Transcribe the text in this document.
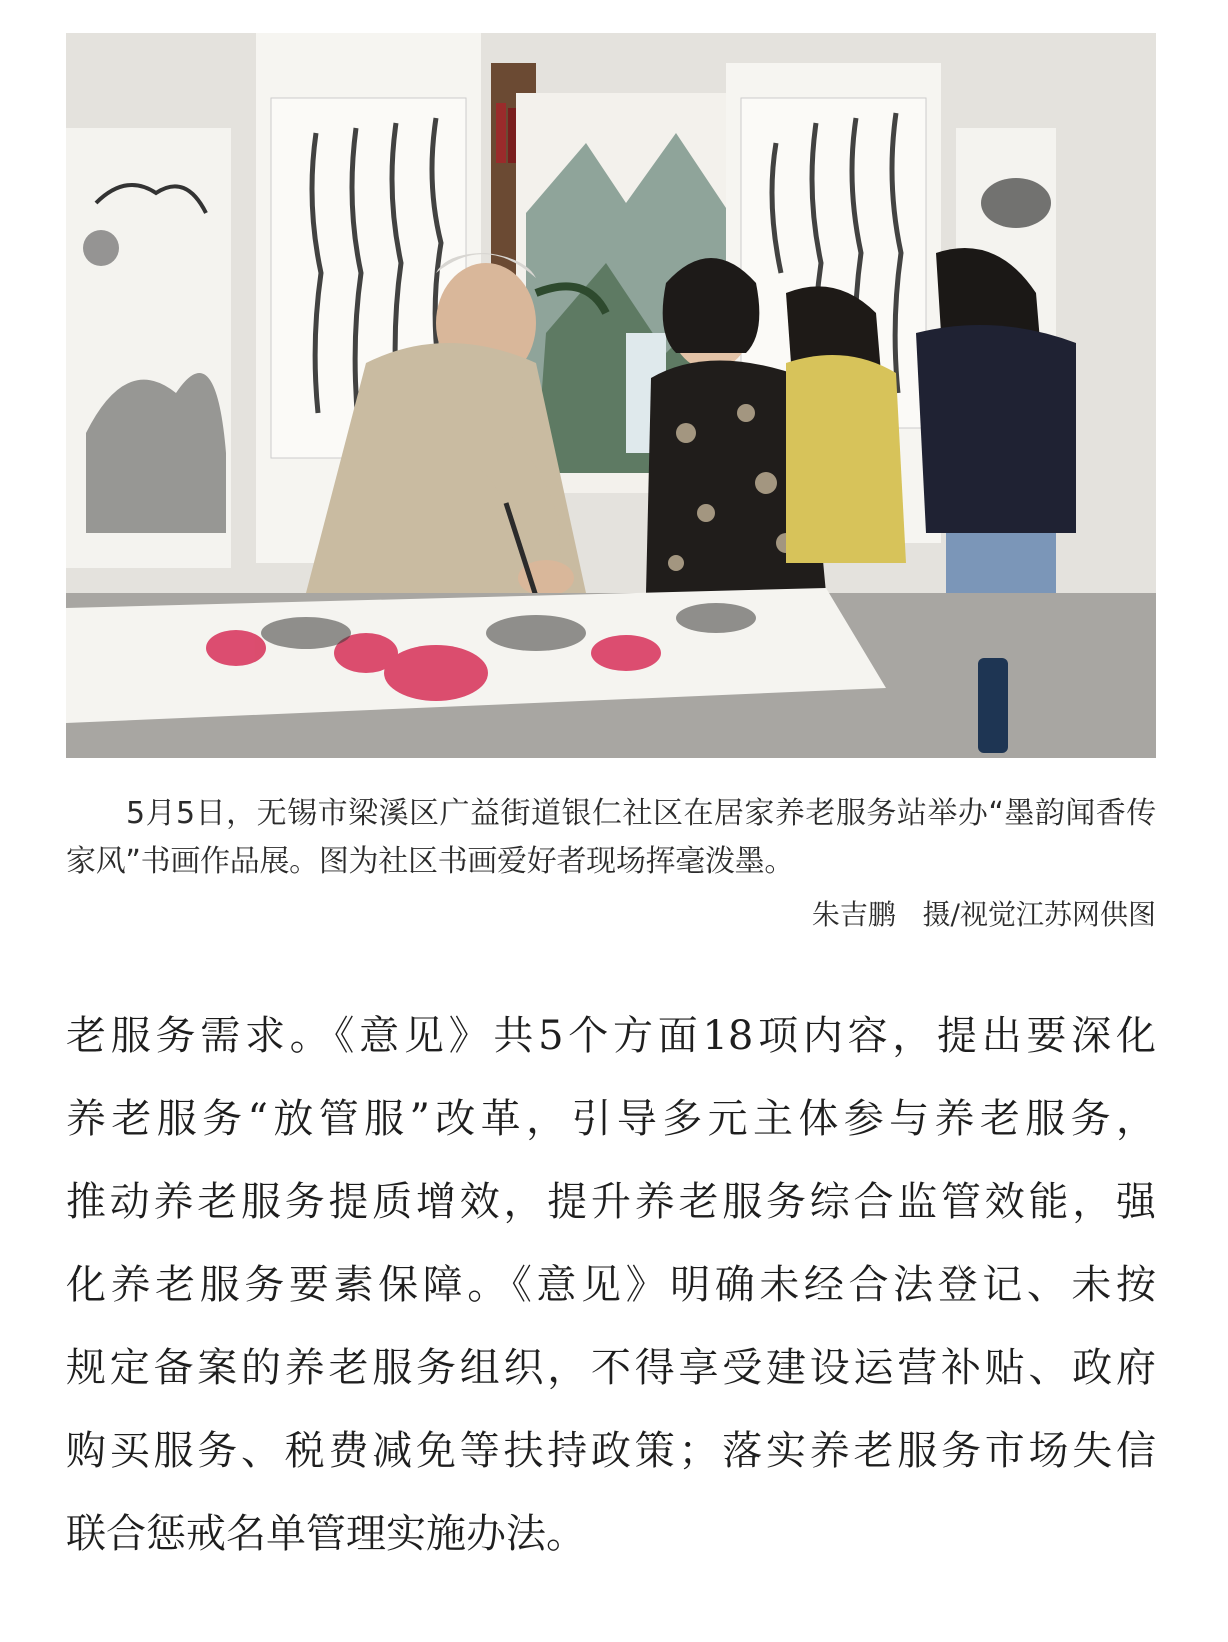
5月5日，无锡市梁溪区广益街道银仁社区在居家养老服务站举办“墨韵闻香传家风”书画作品展。图为社区书画爱好者现场挥毫泼墨。

朱吉鹏   摄/视觉江苏网供图
老服务需求。《意见》共5个方面18项内容，提出要深化
养老服务“放管服”改革，引导多元主体参与养老服务，
推动养老服务提质增效，提升养老服务综合监管效能，强
化养老服务要素保障。《意见》明确未经合法登记、未按
规定备案的养老服务组织，不得享受建设运营补贴、政府
购买服务、税费减免等扶持政策；落实养老服务市场失信
联合惩戒名单管理实施办法。
